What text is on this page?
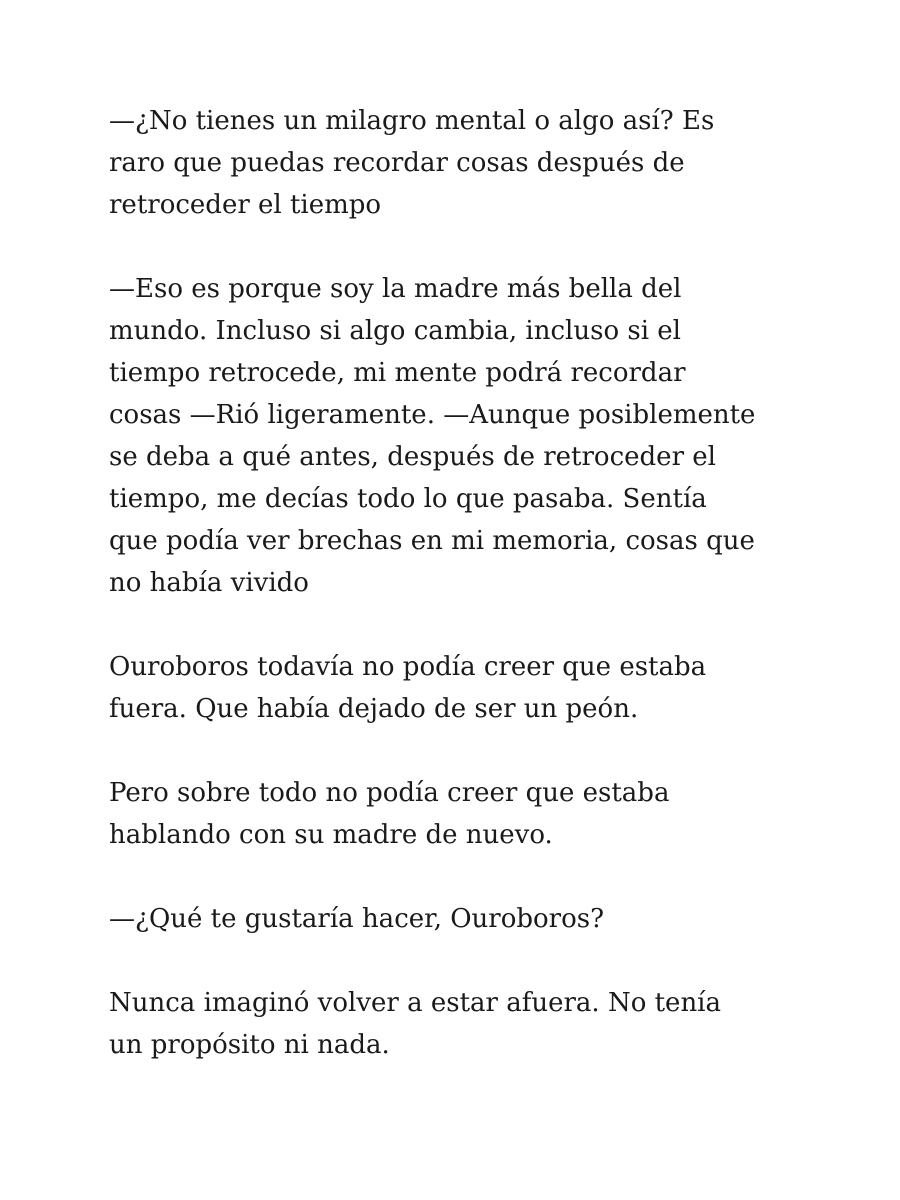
—¿No tienes un milagro mental o algo así? Es
raro que puedas recordar cosas después de
retroceder el tiempo

—Eso es porque soy la madre más bella del
mundo. Incluso si algo cambia, incluso si el
tiempo retrocede, mi mente podrá recordar
cosas —Rió ligeramente. —Aunque posiblemente
se deba a qué antes, después de retroceder el
tiempo, me decías todo lo que pasaba. Sentía
que podía ver brechas en mi memoria, cosas que
no había vivido

Ouroboros todavía no podía creer que estaba
fuera. Que había dejado de ser un peón.

Pero sobre todo no podía creer que estaba
hablando con su madre de nuevo.

—¿Qué te gustaría hacer, Ouroboros?

Nunca imaginó volver a estar afuera. No tenía
un propósito ni nada.
